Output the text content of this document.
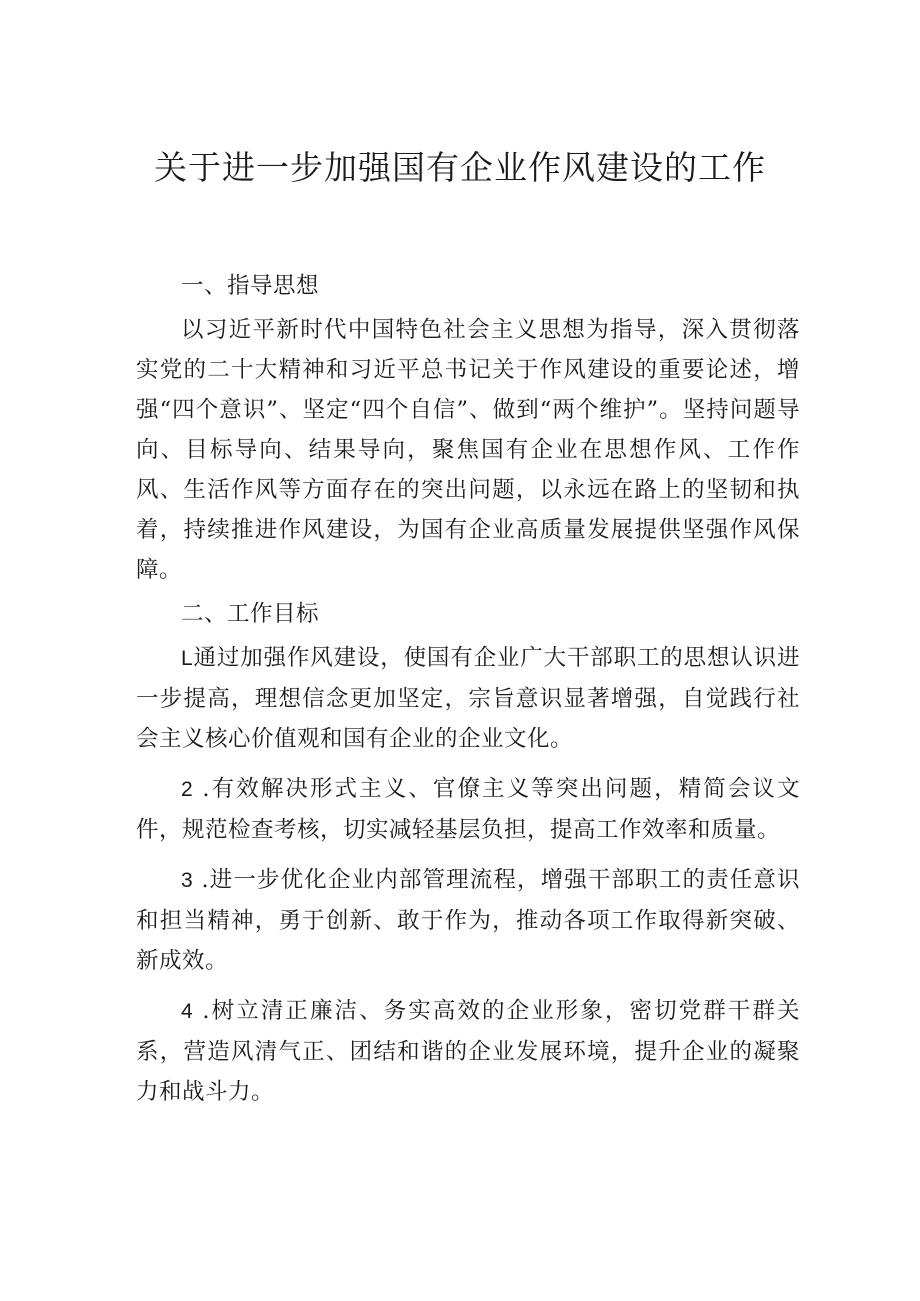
关于进一步加强国有企业作风建设的工作

一、指导思想

以习近平新时代中国特色社会主义思想为指导，深入贯彻落实党的二十大精神和习近平总书记关于作风建设的重要论述，增强“四个意识”、坚定“四个自信”、做到“两个维护”。坚持问题导向、目标导向、结果导向，聚焦国有企业在思想作风、工作作风、生活作风等方面存在的突出问题，以永远在路上的坚韧和执着，持续推进作风建设，为国有企业高质量发展提供坚强作风保障。

二、工作目标

L通过加强作风建设，使国有企业广大干部职工的思想认识进一步提高，理想信念更加坚定，宗旨意识显著增强，自觉践行社会主义核心价值观和国有企业的企业文化。

2 .有效解决形式主义、官僚主义等突出问题，精简会议文件，规范检查考核，切实减轻基层负担，提高工作效率和质量。

3 .进一步优化企业内部管理流程，增强干部职工的责任意识和担当精神，勇于创新、敢于作为，推动各项工作取得新突破、新成效。

4 .树立清正廉洁、务实高效的企业形象，密切党群干群关系，营造风清气正、团结和谐的企业发展环境，提升企业的凝聚力和战斗力。
